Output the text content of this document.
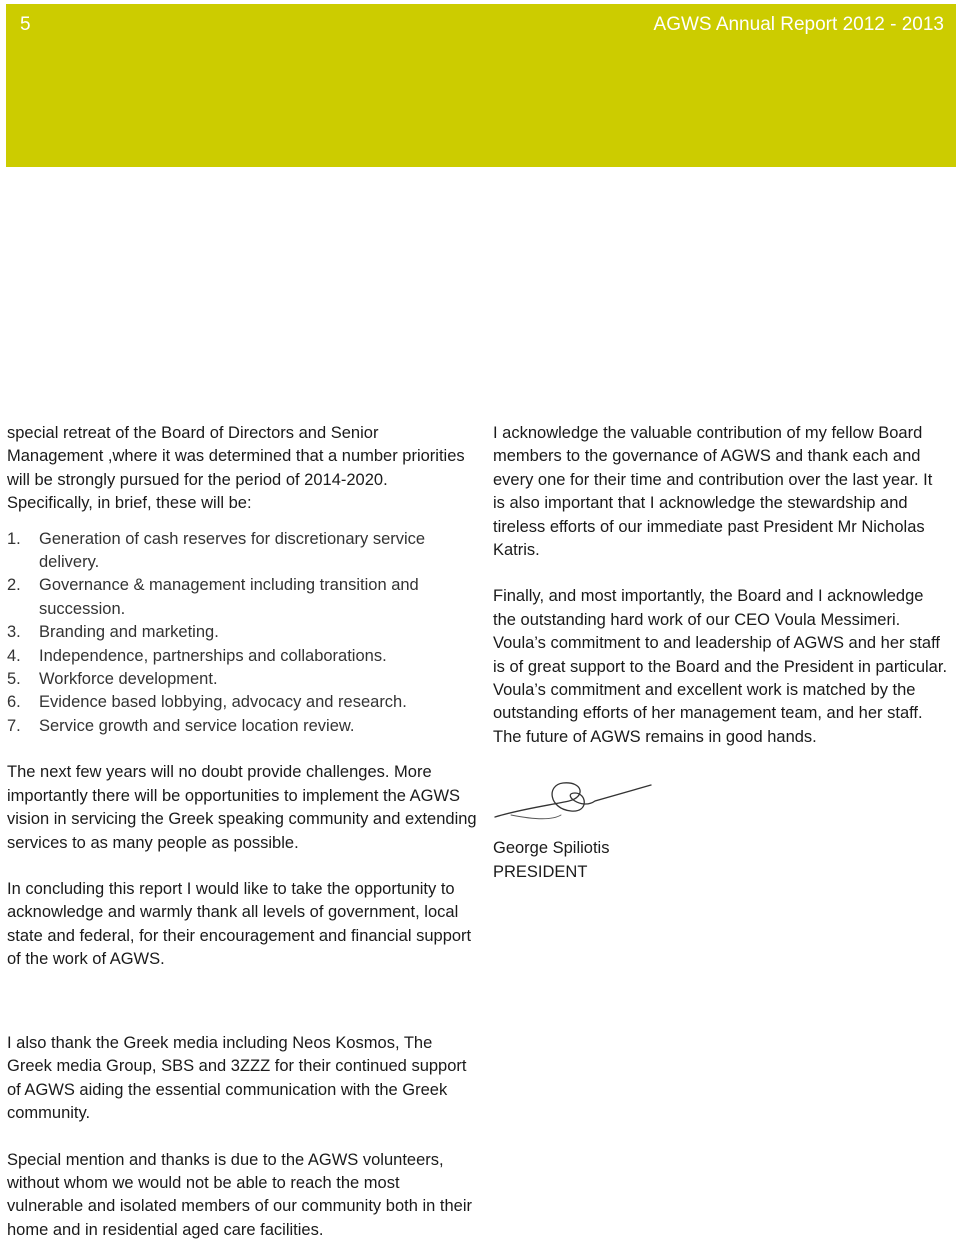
5	AGWS Annual Report 2012 - 2013

special retreat of the Board of Directors and Senior Management ,where it was determined that a number priorities will be strongly pursued for the period of 2014-2020. Specifically, in brief, these will be:

1. Generation of cash reserves for discretionary service delivery.
2. Governance & management including transition and succession.
3. Branding and marketing.
4. Independence, partnerships and collaborations.
5. Workforce development.
6. Evidence based lobbying, advocacy and research.
7. Service growth and service location review.

The next few years will no doubt provide challenges. More importantly there will be opportunities to implement the AGWS vision in servicing the Greek speaking community and extending services to as many people as possible.

In concluding this report I would like to take the opportunity to acknowledge and warmly thank all levels of government, local state and federal, for their encouragement and financial support of the work of AGWS.

I also thank the Greek media including Neos Kosmos, The Greek media Group, SBS and 3ZZZ for their continued support of AGWS aiding the essential communication with the Greek community.

Special mention and thanks is due to the AGWS volunteers, without whom we would not be able to reach the most vulnerable and isolated members of our community both in their home and in residential aged care facilities.

I acknowledge the valuable contribution of my fellow Board members to the governance of AGWS and thank each and every one for their time and contribution over the last year. It is also important that I acknowledge the stewardship and tireless efforts of our immediate past President Mr Nicholas Katris.

Finally, and most importantly, the Board and I acknowledge the outstanding hard work of our CEO Voula Messimeri. Voula’s commitment to and leadership of AGWS and her staff is of great support to the Board and the President in particular. Voula’s commitment and excellent work is matched by the outstanding efforts of her management team, and her staff. The future of AGWS remains in good hands.

George Spiliotis

PRESIDENT
